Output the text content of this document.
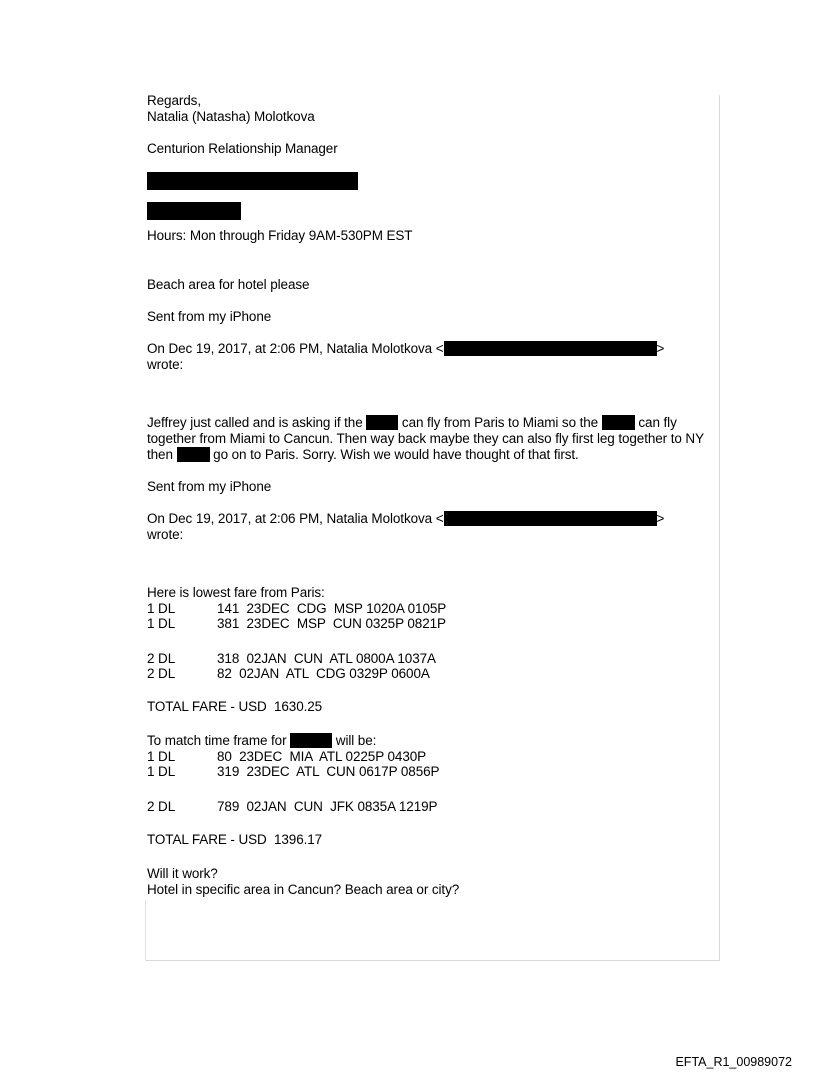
Regards,
Natalia (Natasha) Molotkova
Centurion Relationship Manager
Hours: Mon through Friday 9AM-530PM EST
Beach area for hotel please
Sent from my iPhone
On Dec 19, 2017, at 2:06 PM, Natalia Molotkova <	>
wrote:
Jeffrey just called and is asking if the  can fly from Paris to Miami so the  can fly together from Miami to Cancun. Then way back maybe they can also fly first leg together to NY then  go on to Paris. Sorry. Wish we would have thought of that first.
Sent from my iPhone
On Dec 19, 2017, at 2:06 PM, Natalia Molotkova <	>
wrote:
Here is lowest fare from Paris:
1 DL	141  23DEC  CDG  MSP 1020A 0105P
1 DL	381  23DEC  MSP  CUN 0325P 0821P
2 DL	318  02JAN  CUN  ATL 0800A 1037A
2 DL	82  02JAN  ATL  CDG 0329P 0600A
TOTAL FARE - USD  1630.25
To match time frame for	will be:
1 DL	80  23DEC  MIA  ATL 0225P 0430P
1 DL	319  23DEC  ATL  CUN 0617P 0856P
2 DL	789  02JAN  CUN  JFK 0835A 1219P
TOTAL FARE - USD  1396.17
Will it work?
Hotel in specific area in Cancun? Beach area or city?
EFTA_R1_00989072
